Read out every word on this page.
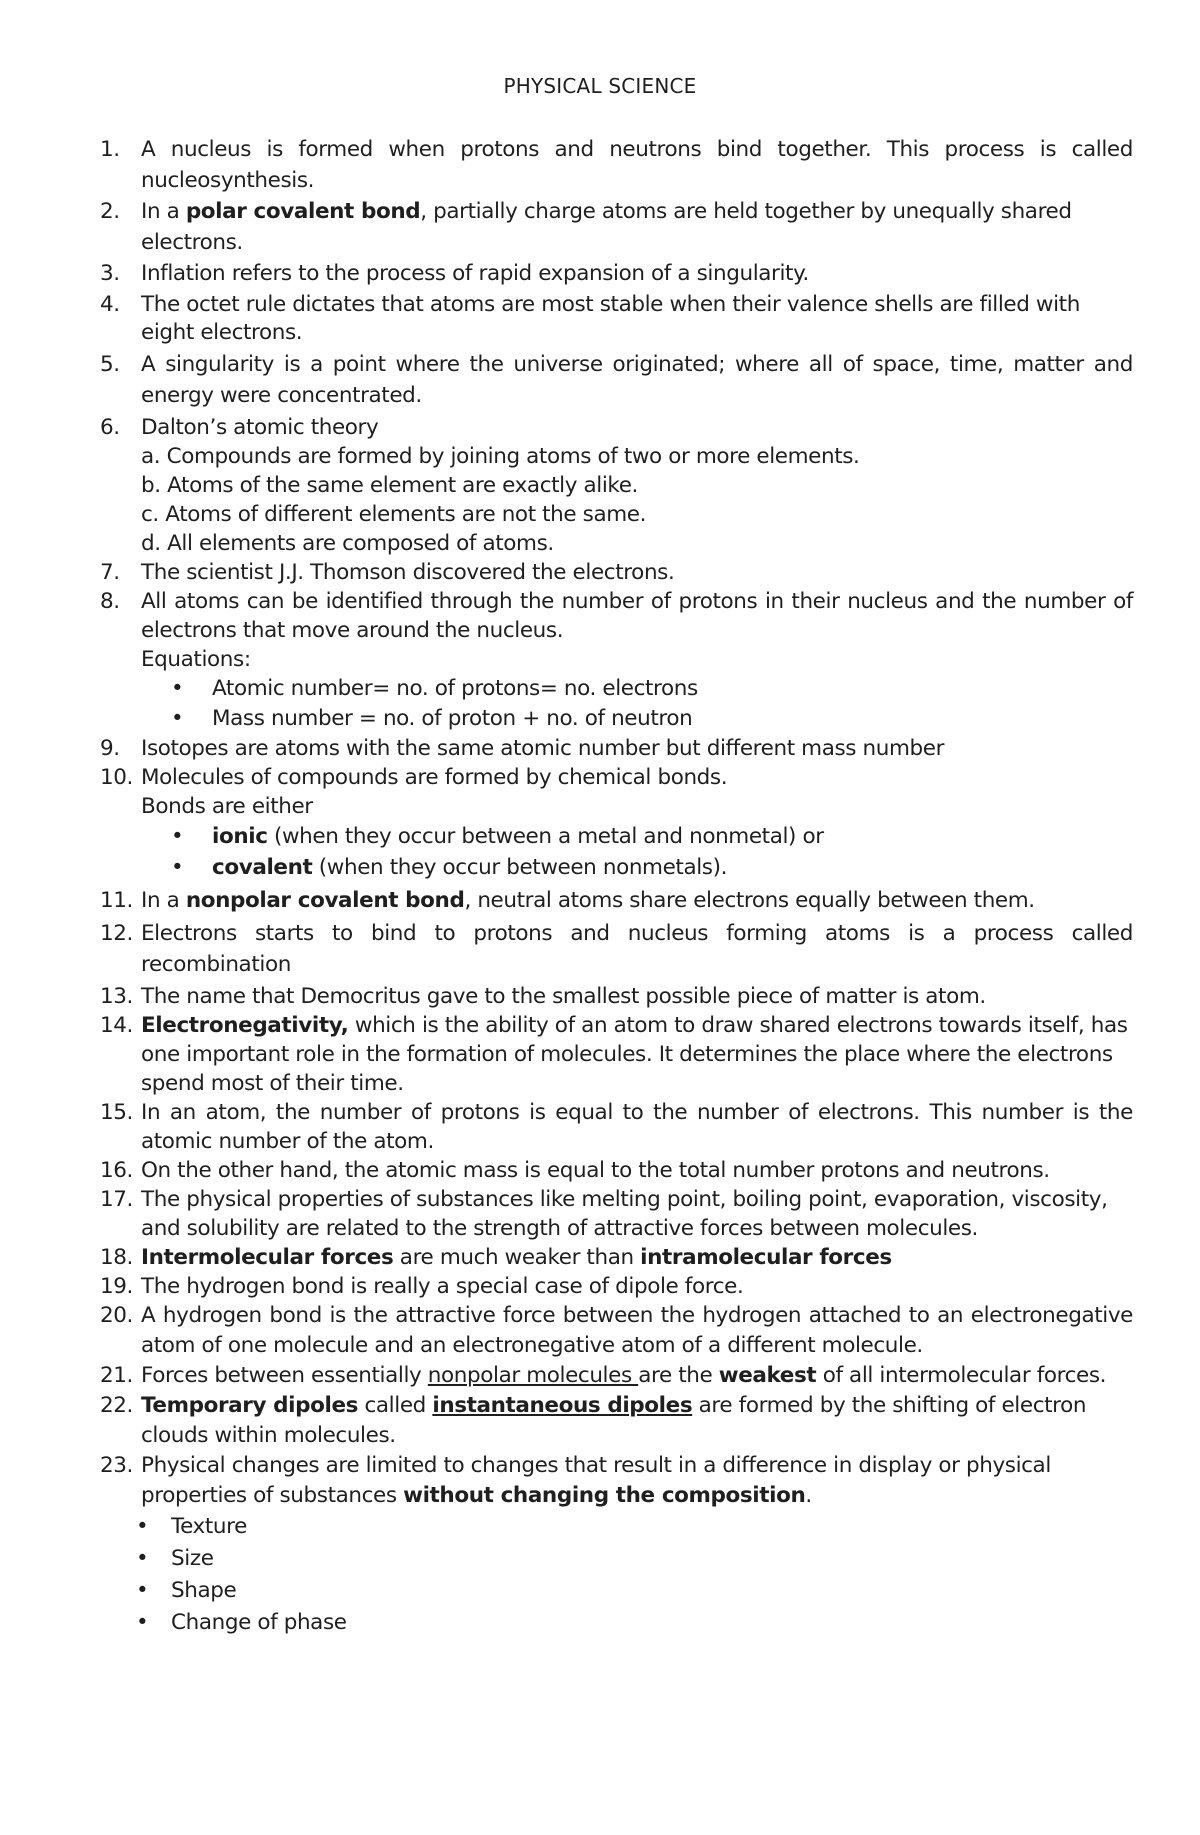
PHYSICAL SCIENCE
1. A nucleus is formed when protons and neutrons bind together. This process is called nucleosynthesis.
2. In a polar covalent bond, partially charge atoms are held together by unequally shared electrons.
3. Inflation refers to the process of rapid expansion of a singularity.
4. The octet rule dictates that atoms are most stable when their valence shells are filled with eight electrons.
5. A singularity is a point where the universe originated; where all of space, time, matter and energy were concentrated.
6. Dalton’s atomic theory
a. Compounds are formed by joining atoms of two or more elements.
b. Atoms of the same element are exactly alike.
c. Atoms of different elements are not the same.
d. All elements are composed of atoms.
7. The scientist J.J. Thomson discovered the electrons.
8. All atoms can be identified through the number of protons in their nucleus and the number of electrons that move around the nucleus.
Equations:
• Atomic number= no. of protons= no. electrons
• Mass number = no. of proton + no. of neutron
9. Isotopes are atoms with the same atomic number but different mass number
10. Molecules of compounds are formed by chemical bonds.
Bonds are either
• ionic (when they occur between a metal and nonmetal) or
• covalent (when they occur between nonmetals).
11. In a nonpolar covalent bond, neutral atoms share electrons equally between them.
12. Electrons starts to bind to protons and nucleus forming atoms is a process called recombination
13. The name that Democritus gave to the smallest possible piece of matter is atom.
14. Electronegativity, which is the ability of an atom to draw shared electrons towards itself, has one important role in the formation of molecules. It determines the place where the electrons spend most of their time.
15. In an atom, the number of protons is equal to the number of electrons. This number is the atomic number of the atom.
16. On the other hand, the atomic mass is equal to the total number protons and neutrons.
17. The physical properties of substances like melting point, boiling point, evaporation, viscosity, and solubility are related to the strength of attractive forces between molecules.
18. Intermolecular forces are much weaker than intramolecular forces
19. The hydrogen bond is really a special case of dipole force.
20. A hydrogen bond is the attractive force between the hydrogen attached to an electronegative atom of one molecule and an electronegative atom of a different molecule.
21. Forces between essentially nonpolar molecules are the weakest of all intermolecular forces.
22. Temporary dipoles called instantaneous dipoles are formed by the shifting of electron clouds within molecules.
23. Physical changes are limited to changes that result in a difference in display or physical properties of substances without changing the composition.
• Texture
• Size
• Shape
• Change of phase
